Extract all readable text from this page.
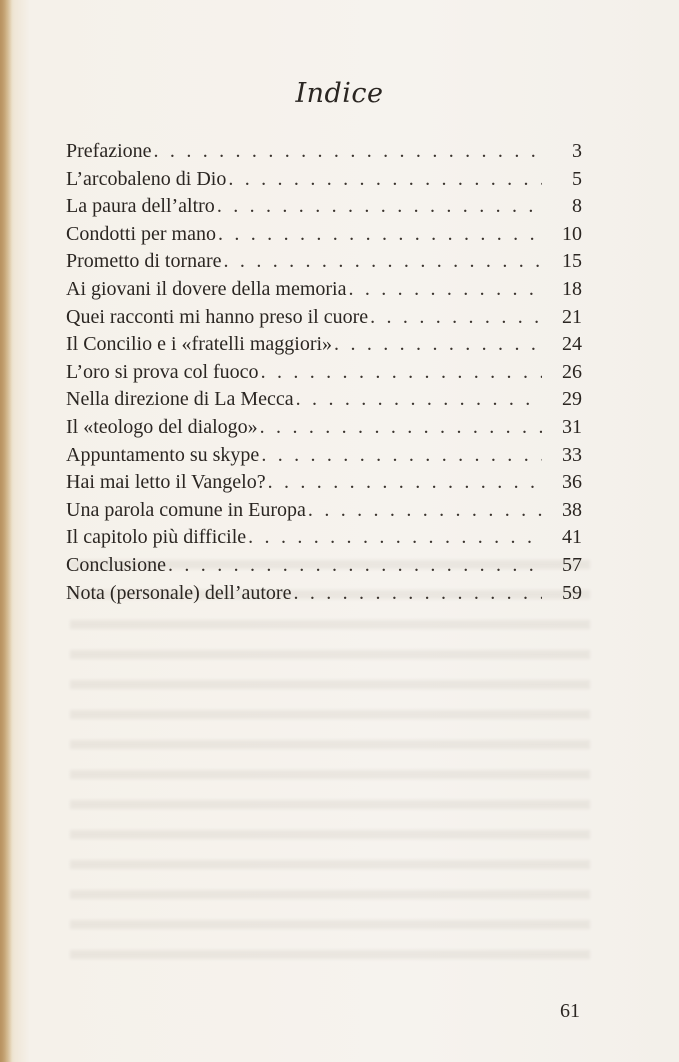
Indice
Prefazione . . .	3
L’arcobaleno di Dio . . .	5
La paura dell’altro . . .	8
Condotti per mano . . .	10
Prometto di tornare . . .	15
Ai giovani il dovere della memoria . . .	18
Quei racconti mi hanno preso il cuore . . .	21
Il Concilio e i «fratelli maggiori» . . .	24
L’oro si prova col fuoco . . .	26
Nella direzione di La Mecca . . .	29
Il «teologo del dialogo» . . .	31
Appuntamento su skype . . .	33
Hai mai letto il Vangelo? . . .	36
Una parola comune in Europa . . .	38
Il capitolo più difficile . . .	41
Conclusione . . .	57
Nota (personale) dell’autore . . .	59
61
